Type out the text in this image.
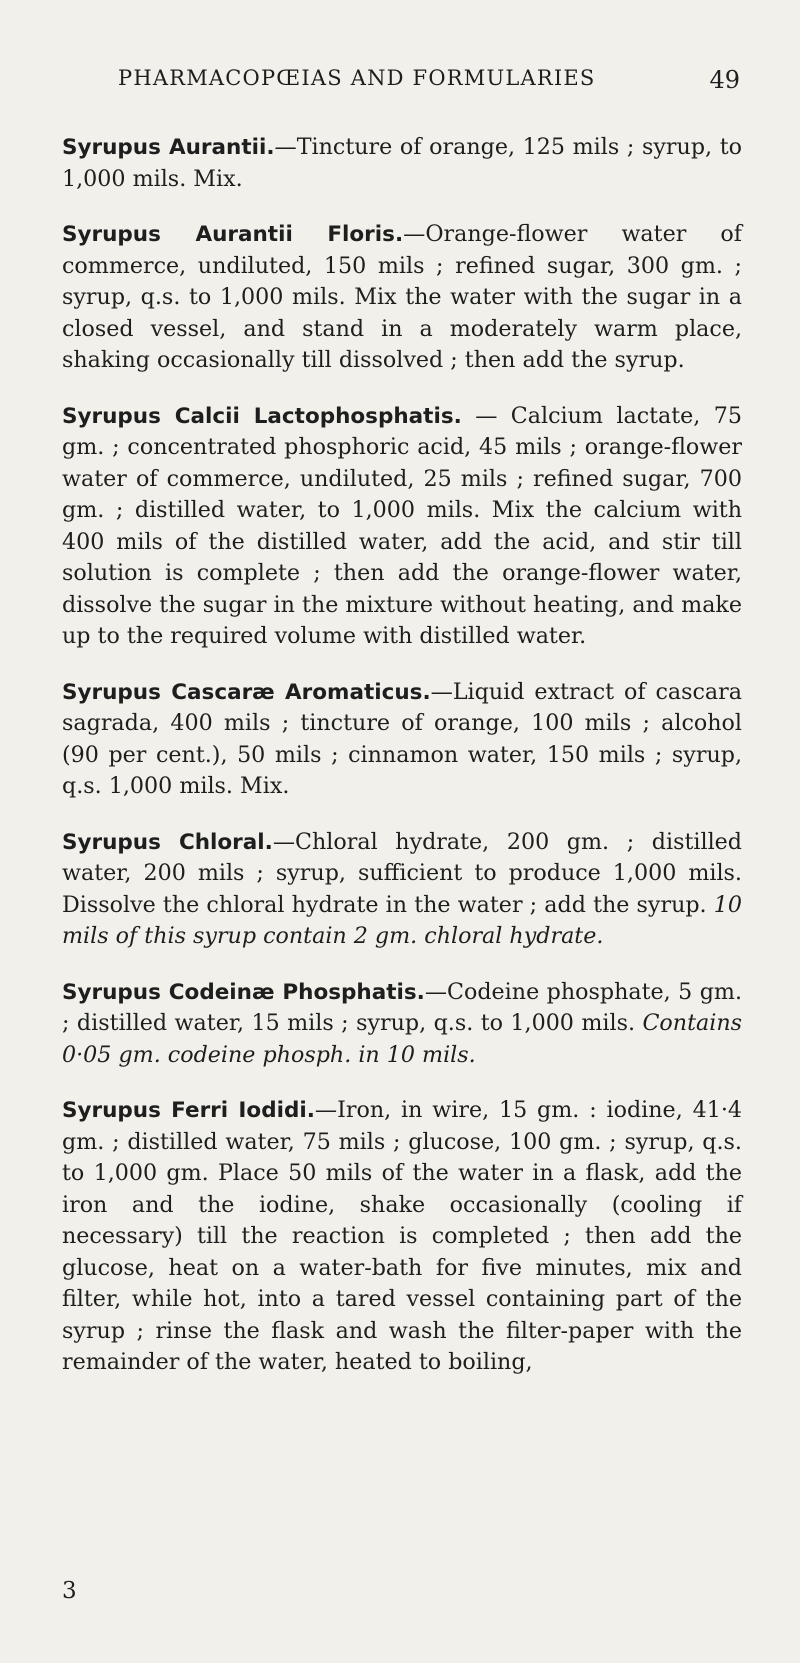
PHARMACOPŒIAS AND FORMULARIES	49

Syrupus Aurantii.—Tincture of orange, 125 mils ; syrup, to 1,000 mils. Mix.

Syrupus Aurantii Floris.—Orange-flower water of commerce, undiluted, 150 mils ; refined sugar, 300 gm. ; syrup, q.s. to 1,000 mils. Mix the water with the sugar in a closed vessel, and stand in a moderately warm place, shaking occasionally till dissolved ; then add the syrup.

Syrupus Calcii Lactophosphatis. — Calcium lactate, 75 gm. ; concentrated phosphoric acid, 45 mils ; orange-flower water of commerce, undiluted, 25 mils ; refined sugar, 700 gm. ; distilled water, to 1,000 mils. Mix the calcium with 400 mils of the distilled water, add the acid, and stir till solution is complete ; then add the orange-flower water, dissolve the sugar in the mixture without heating, and make up to the required volume with distilled water.

Syrupus Cascaræ Aromaticus.—Liquid extract of cascara sagrada, 400 mils ; tincture of orange, 100 mils ; alcohol (90 per cent.), 50 mils ; cinnamon water, 150 mils ; syrup, q.s. 1,000 mils. Mix.

Syrupus Chloral.—Chloral hydrate, 200 gm. ; distilled water, 200 mils ; syrup, sufficient to produce 1,000 mils. Dissolve the chloral hydrate in the water ; add the syrup. 10 mils of this syrup contain 2 gm. chloral hydrate.

Syrupus Codeinæ Phosphatis.—Codeine phosphate, 5 gm. ; distilled water, 15 mils ; syrup, q.s. to 1,000 mils. Contains 0·05 gm. codeine phosph. in 10 mils.

Syrupus Ferri Iodidi.—Iron, in wire, 15 gm. : iodine, 41·4 gm. ; distilled water, 75 mils ; glucose, 100 gm. ; syrup, q.s. to 1,000 gm. Place 50 mils of the water in a flask, add the iron and the iodine, shake occasionally (cooling if necessary) till the reaction is completed ; then add the glucose, heat on a water-bath for five minutes, mix and filter, while hot, into a tared vessel containing part of the syrup ; rinse the flask and wash the filter-paper with the remainder of the water, heated to boiling,

3
